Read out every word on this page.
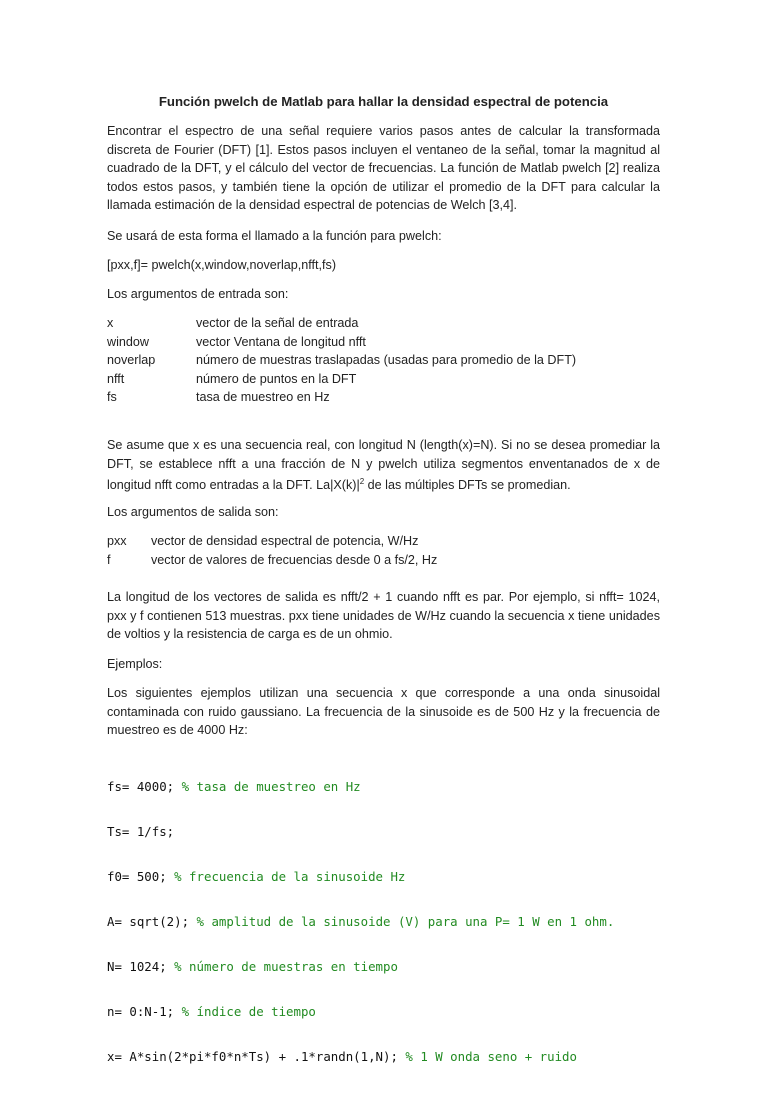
Función pwelch de Matlab para hallar la densidad espectral de potencia

Encontrar el espectro de una señal requiere varios pasos antes de calcular la transformada discreta de Fourier (DFT) [1]. Estos pasos incluyen el ventaneo de la señal, tomar la magnitud al cuadrado de la DFT, y el cálculo del vector de frecuencias. La función de Matlab pwelch [2] realiza todos estos pasos, y también tiene la opción de utilizar el promedio de la DFT para calcular la llamada estimación de la densidad espectral de potencias de Welch [3,4].

Se usará de esta forma el llamado a la función para pwelch:

[pxx,f]= pwelch(x,window,noverlap,nfft,fs)

Los argumentos de entrada son:

x	vector de la señal de entrada
window	vector Ventana de longitud nfft
noverlap	número de muestras traslapadas (usadas para promedio de la DFT)
nfft	número de puntos en la DFT
fs	tasa de muestreo en Hz

Se asume que x es una secuencia real, con longitud N (length(x)=N). Si no se desea promediar la DFT, se establece nfft a una fracción de N y pwelch utiliza segmentos enventanados de x de longitud nfft como entradas a la DFT. $La|X(k)|^2$ de las múltiples DFTs se promedian.

Los argumentos de salida son:

pxx vector de densidad espectral de potencia, W/Hz
f	vector de valores de frecuencias desde 0 a fs/2, Hz

La longitud de los vectores de salida es nfft/2 + 1 cuando nfft es par. Por ejemplo, si nfft= 1024, pxx y f contienen 513 muestras. pxx tiene unidades de W/Hz cuando la secuencia x tiene unidades de voltios y la resistencia de carga es de un ohmio.

Ejemplos:

Los siguientes ejemplos utilizan una secuencia x que corresponde a una onda sinusoidal contaminada con ruido gaussiano. La frecuencia de la sinusoide es de 500 Hz y la frecuencia de muestreo es de 4000 Hz:

fs= 4000; % tasa de muestreo en Hz

Ts= 1/fs;

f0= 500; % frecuencia de la sinusoide Hz

A= sqrt(2); % amplitud de la sinusoide (V) para una P= 1 W en 1 ohm.

N= 1024; % número de muestras en tiempo

n= 0:N-1; % índice de tiempo

x= A*sin(2*pi*f0*n*Ts) + .1*randn(1,N); % 1 W onda seno + ruido
